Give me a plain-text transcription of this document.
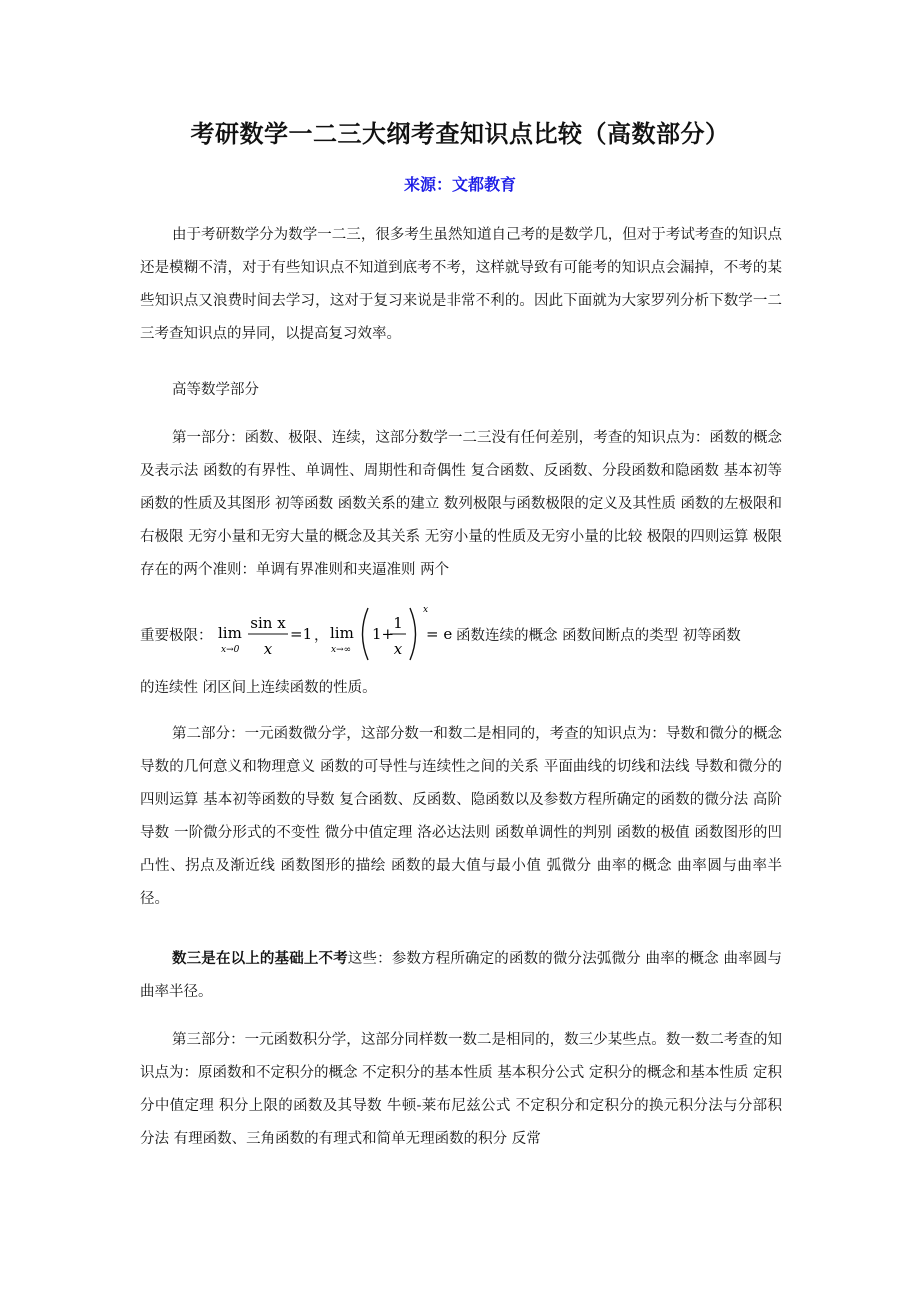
考研数学一二三大纲考查知识点比较（高数部分）
来源：文都教育

由于考研数学分为数学一二三，很多考生虽然知道自己考的是数学几，但对于考试考查的知识点还是模糊不清，对于有些知识点不知道到底考不考，这样就导致有可能考的知识点会漏掉，不考的某些知识点又浪费时间去学习，这对于复习来说是非常不利的。因此下面就为大家罗列分析下数学一二三考查知识点的异同，以提高复习效率。

高等数学部分

第一部分：函数、极限、连续，这部分数学一二三没有任何差别，考查的知识点为：函数的概念及表示法 函数的有界性、单调性、周期性和奇偶性 复合函数、反函数、分段函数和隐函数 基本初等函数的性质及其图形 初等函数 函数关系的建立 数列极限与函数极限的定义及其性质 函数的左极限和右极限 无穷小量和无穷大量的概念及其关系 无穷小量的性质及无穷小量的比较 极限的四则运算 极限存在的两个准则：单调有界准则和夹逼准则 两个

重要极限： lim
x→0
sin x
x
=1 ， lim
x→∞
1+
1
x
x
= e 函数连续的概念 函数间断点的类型 初等函数

的连续性 闭区间上连续函数的性质。

第二部分：一元函数微分学，这部分数一和数二是相同的，考查的知识点为：导数和微分的概念 导数的几何意义和物理意义 函数的可导性与连续性之间的关系 平面曲线的切线和法线 导数和微分的四则运算 基本初等函数的导数 复合函数、反函数、隐函数以及参数方程所确定的函数的微分法 高阶导数 一阶微分形式的不变性 微分中值定理 洛必达法则 函数单调性的判别 函数的极值 函数图形的凹凸性、拐点及渐近线 函数图形的描绘 函数的最大值与最小值 弧微分 曲率的概念 曲率圆与曲率半径。

数三是在以上的基础上不考这些：参数方程所确定的函数的微分法弧微分 曲率的概念 曲率圆与曲率半径。

第三部分：一元函数积分学，这部分同样数一数二是相同的，数三少某些点。数一数二考查的知识点为：原函数和不定积分的概念 不定积分的基本性质 基本积分公式 定积分的概念和基本性质 定积分中值定理 积分上限的函数及其导数 牛顿-莱布尼兹公式 不定积分和定积分的换元积分法与分部积分法 有理函数、三角函数的有理式和简单无理函数的积分 反常
